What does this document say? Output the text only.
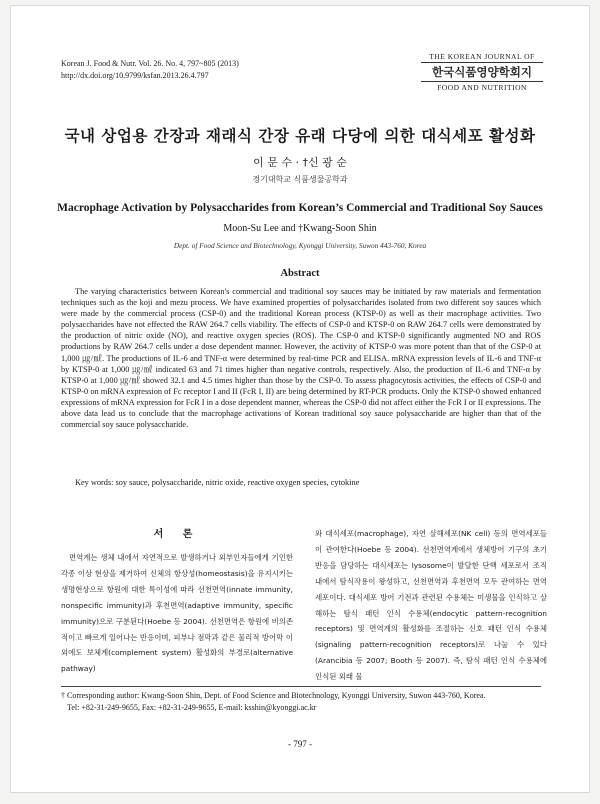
Korean J. Food & Nutr. Vol. 26. No. 4, 797~805 (2013)
http://dx.doi.org/10.9799/ksfan.2013.26.4.797
THE KOREAN JOURNAL OF
한국식품영양학회지
FOOD AND NUTRITION
국내 상업용 간장과 재래식 간장 유래 다당에 의한 대식세포 활성화
이 문 수 · †신 광 순
경기대학교 식품생물공학과
Macrophage Activation by Polysaccharides from Korean’s Commercial and Traditional Soy Sauces
Moon-Su Lee and †Kwang-Soon Shin
Dept. of Food Science and Biotechnology, Kyonggi University, Suwon 443-760, Korea
Abstract

The varying characteristics between Korean's commercial and traditional soy sauces may be initiated by raw materials and fermentation techniques such as the koji and mezu process. We have examined properties of polysaccharides isolated from two different soy sauces which were made by the commercial process (CSP-0) and the traditional Korean process (KTSP-0) as well as their macrophage activities. Two polysaccharides have not effected the RAW 264.7 cells viability. The effects of CSP-0 and KTSP-0 on RAW 264.7 cells were demonstrated by the production of nitric oxide (NO), and reactive oxygen species (ROS). The CSP-0 and KTSP-0 significantly augmented NO and ROS productions by RAW 264.7 cells under a dose dependent manner. However, the activity of KTSP-0 was more potent than that of the CSP-0 at 1,000 ㎍/㎖. The productions of IL-6 and TNF-α were determined by real-time PCR and ELISA. mRNA expression levels of IL-6 and TNF-α by KTSP-0 at 1,000 ㎍/㎖ indicated 63 and 71 times higher than negative controls, respectively. Also, the production of IL-6 and TNF-α by KTSP-0 at 1,000 ㎍/㎖ showed 32.1 and 4.5 times higher than those by the CSP-0. To assess phagocytosis activities, the effects of CSP-0 and KTSP-0 on mRNA expression of Fc receptor I and II (FcR I, II) are being determined by RT-PCR products. Only the KTSP-0 showed enhanced expressions of mRNA expression for FcR I in a dose dependent manner, whereas the CSP-0 did not affect either the FcR I or II expressions. The above data lead us to conclude that the macrophage activations of Korean traditional soy sauce polysaccharide are higher than that of the commercial soy sauce polysaccharide.

Key words: soy sauce, polysaccharide, nitric oxide, reactive oxygen species, cytokine
서 론

면역계는 생체 내에서 자연적으로 발생하거나 외부인자들에게 기인한 각종 이상 현상을 제거하여 신체의 항상성(homeostasis)을 유지시키는 생명현상으로 항원에 대한 특이성에 따라 선천면역(innate immunity, nonspecific immunity)과 후천면역(adaptive immunity, specific immunity)으로 구분된다(Hoebe 등 2004). 선천면역은 항원에 비의존적이고 빠르게 일어나는 반응이며, 피부나 점막과 같은 물리적 방어막 이외에도 보체계(complement system) 활성화의 부경로(alternative pathway)

와 대식세포(macrophage), 자연 살해세포(NK cell) 등의 면역세포들이 관여한다(Hoebe 등 2004). 선천면역계에서 생체방어 기구의 초기 반응을 담당하는 대식세포는 lysosome이 발달한 단핵 세포로서 조직 내에서 탐식작용이 왕성하고, 선천면역과 후천면역 모두 관여하는 면역세포이다. 대식세포 방어 기전과 관련된 수용체는 미생물을 인식하고 살해하는 탐식 패턴 인식 수용체(endocytic pattern-recognition receptors) 및 면역계의 활성화를 조절하는 신호 패턴 인식 수용체(signaling pattern-recognition receptors)로 나눌 수 있다(Arancibia 등 2007; Booth 등 2007). 즉, 탐식 패턴 인식 수용체에 인식된 외래 물

† Corresponding author: Kwang-Soon Shin, Dept. of Food Science and Biotechnology, Kyonggi University, Suwon 443-760, Korea.
Tel: +82-31-249-9655, Fax: +82-31-249-9655, E-mail: ksshin@kyonggi.ac.kr
- 797 -
